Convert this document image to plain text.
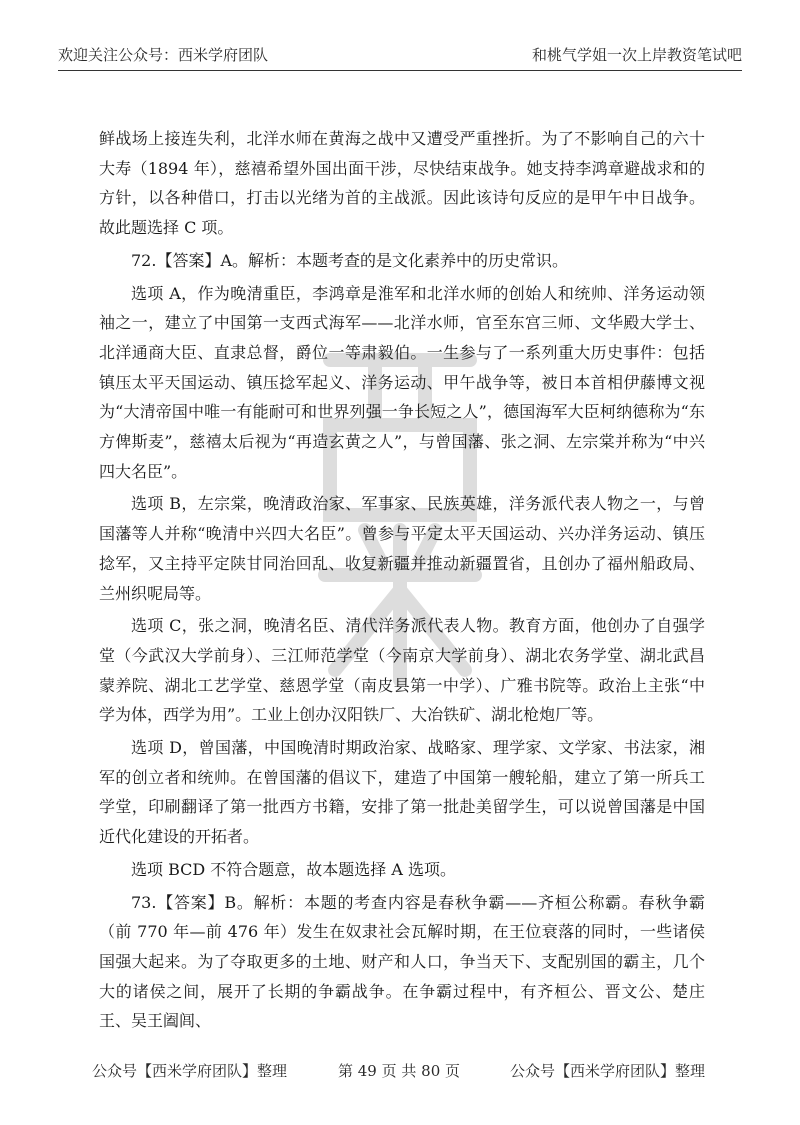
欢迎关注公众号：西米学府团队	和桃气学姐一次上岸教资笔试吧

鲜战场上接连失利，北洋水师在黄海之战中又遭受严重挫折。为了不影响自己的六十大寿（1894 年），慈禧希望外国出面干涉，尽快结束战争。她支持李鸿章避战求和的方针，以各种借口，打击以光绪为首的主战派。因此该诗句反应的是甲午中日战争。故此题选择 C 项。

72.【答案】A。解析：本题考查的是文化素养中的历史常识。

选项 A，作为晚清重臣，李鸿章是淮军和北洋水师的创始人和统帅、洋务运动领袖之一，建立了中国第一支西式海军——北洋水师，官至东宫三师、文华殿大学士、北洋通商大臣、直隶总督，爵位一等肃毅伯。一生参与了一系列重大历史事件：包括镇压太平天国运动、镇压捻军起义、洋务运动、甲午战争等，被日本首相伊藤博文视为“大清帝国中唯一有能耐可和世界列强一争长短之人”，德国海军大臣柯纳德称为“东方俾斯麦”，慈禧太后视为“再造玄黄之人”，与曾国藩、张之洞、左宗棠并称为“中兴四大名臣”。

选项 B，左宗棠，晚清政治家、军事家、民族英雄，洋务派代表人物之一，与曾国藩等人并称“晚清中兴四大名臣”。曾参与平定太平天国运动、兴办洋务运动、镇压捻军，又主持平定陕甘同治回乱、收复新疆并推动新疆置省，且创办了福州船政局、兰州织呢局等。

选项 C，张之洞，晚清名臣、清代洋务派代表人物。教育方面，他创办了自强学堂（今武汉大学前身）、三江师范学堂（今南京大学前身）、湖北农务学堂、湖北武昌蒙养院、湖北工艺学堂、慈恩学堂（南皮县第一中学）、广雅书院等。政治上主张“中学为体，西学为用”。工业上创办汉阳铁厂、大冶铁矿、湖北枪炮厂等。

选项 D，曾国藩，中国晚清时期政治家、战略家、理学家、文学家、书法家，湘军的创立者和统帅。在曾国藩的倡议下，建造了中国第一艘轮船，建立了第一所兵工学堂，印刷翻译了第一批西方书籍，安排了第一批赴美留学生，可以说曾国藩是中国近代化建设的开拓者。

选项 BCD 不符合题意，故本题选择 A 选项。

73.【答案】B。解析：本题的考查内容是春秋争霸——齐桓公称霸。春秋争霸（前 770 年—前 476 年）发生在奴隶社会瓦解时期，在王位衰落的同时，一些诸侯国强大起来。为了夺取更多的土地、财产和人口，争当天下、支配别国的霸主，几个大的诸侯之间，展开了长期的争霸战争。在争霸过程中，有齐桓公、晋文公、楚庄王、吴王阖闾、

公众号【西米学府团队】整理	第 49 页 共 80 页	公众号【西米学府团队】整理
